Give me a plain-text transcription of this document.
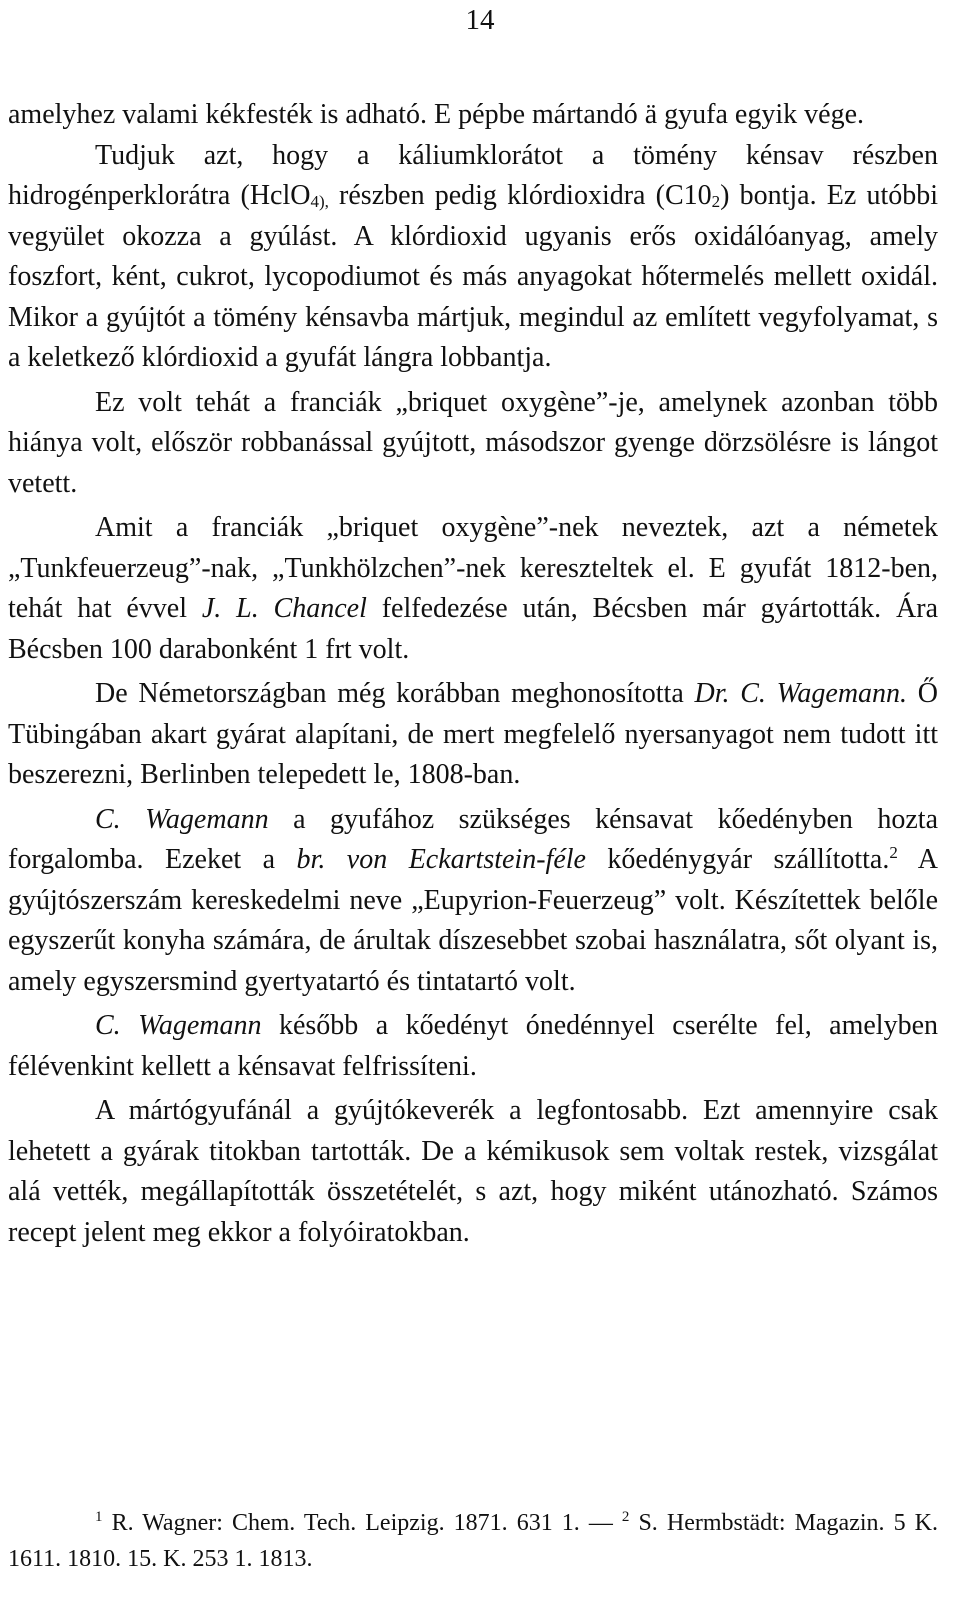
14

amelyhez valami kékfesték is adható. E pépbe mártandó ä gyufa egyik vége.

Tudjuk azt, hogy a káliumklorátot a tömény kénsav részben hidrogénperklorátra (HclO$_{4),}$ részben pedig klórdioxidra $(C10_2)$ bontja. Ez utóbbi vegyület okozza a gyúlást. A klórdioxid ugyanis erős oxidálóanyag, amely foszfort, ként, cukrot, lycopodiumot és más anyagokat hőtermelés mellett oxidál. Mikor a gyújtót a tömény kénsavba mártjuk, megindul az említett vegyfolyamat, s a keletkező klórdioxid a gyufát lángra lobbantja.

Ez volt tehát a franciák „briquet oxygène”-je, amelynek azonban több hiánya volt, először robbanással gyújtott, másodszor gyenge dörzsölésre is lángot vetett.

Amit a franciák „briquet oxygène”-nek neveztek, azt a németek „Tunkfeuerzeug”-nak, „Tunkhölzchen”-nek kereszteltek el. E gyufát 1812-ben, tehát hat évvel J. L. Chancel felfedezése után, Bécsben már gyártották. Ára Bécsben 100 darabonként 1 frt volt.

De Németországban még korábban meghonosította Dr. C. Wagemann. Ő Tübingában akart gyárat alapítani, de mert megfelelő nyersanyagot nem tudott itt beszerezni, Berlinben telepedett le, 1808-ban.

C. Wagemann a gyufához szükséges kénsavat kőedényben hozta forgalomba. Ezeket a br. von Eckartstein-féle kőedénygyár szállította.$^2$ A gyújtószerszám kereskedelmi neve „Eupyrion-Feuerzeug” volt. Készítettek belőle egyszerűt konyha számára, de árultak díszesebbet szobai használatra, sőt olyant is, amely egyszersmind gyertyatartó és tintatartó volt.

C. Wagemann később a kőedényt ónedénnyel cserélte fel, amelyben félévenkint kellett a kénsavat felfrissíteni.

A mártógyufánál a gyújtókeverék a legfontosabb. Ezt amennyire csak lehetett a gyárak titokban tartották. De a kémikusok sem voltak restek, vizsgálat alá vették, megállapították összetételét, s azt, hogy miként utánozható. Számos recept jelent meg ekkor a folyóiratokban.

$^1$ R. Wagner: Chem. Tech. Leipzig. 1871. 631 1. — $^2$ S. Hermbstädt: Magazin. 5 K. 1611. 1810. 15. K. 253 1. 1813.
